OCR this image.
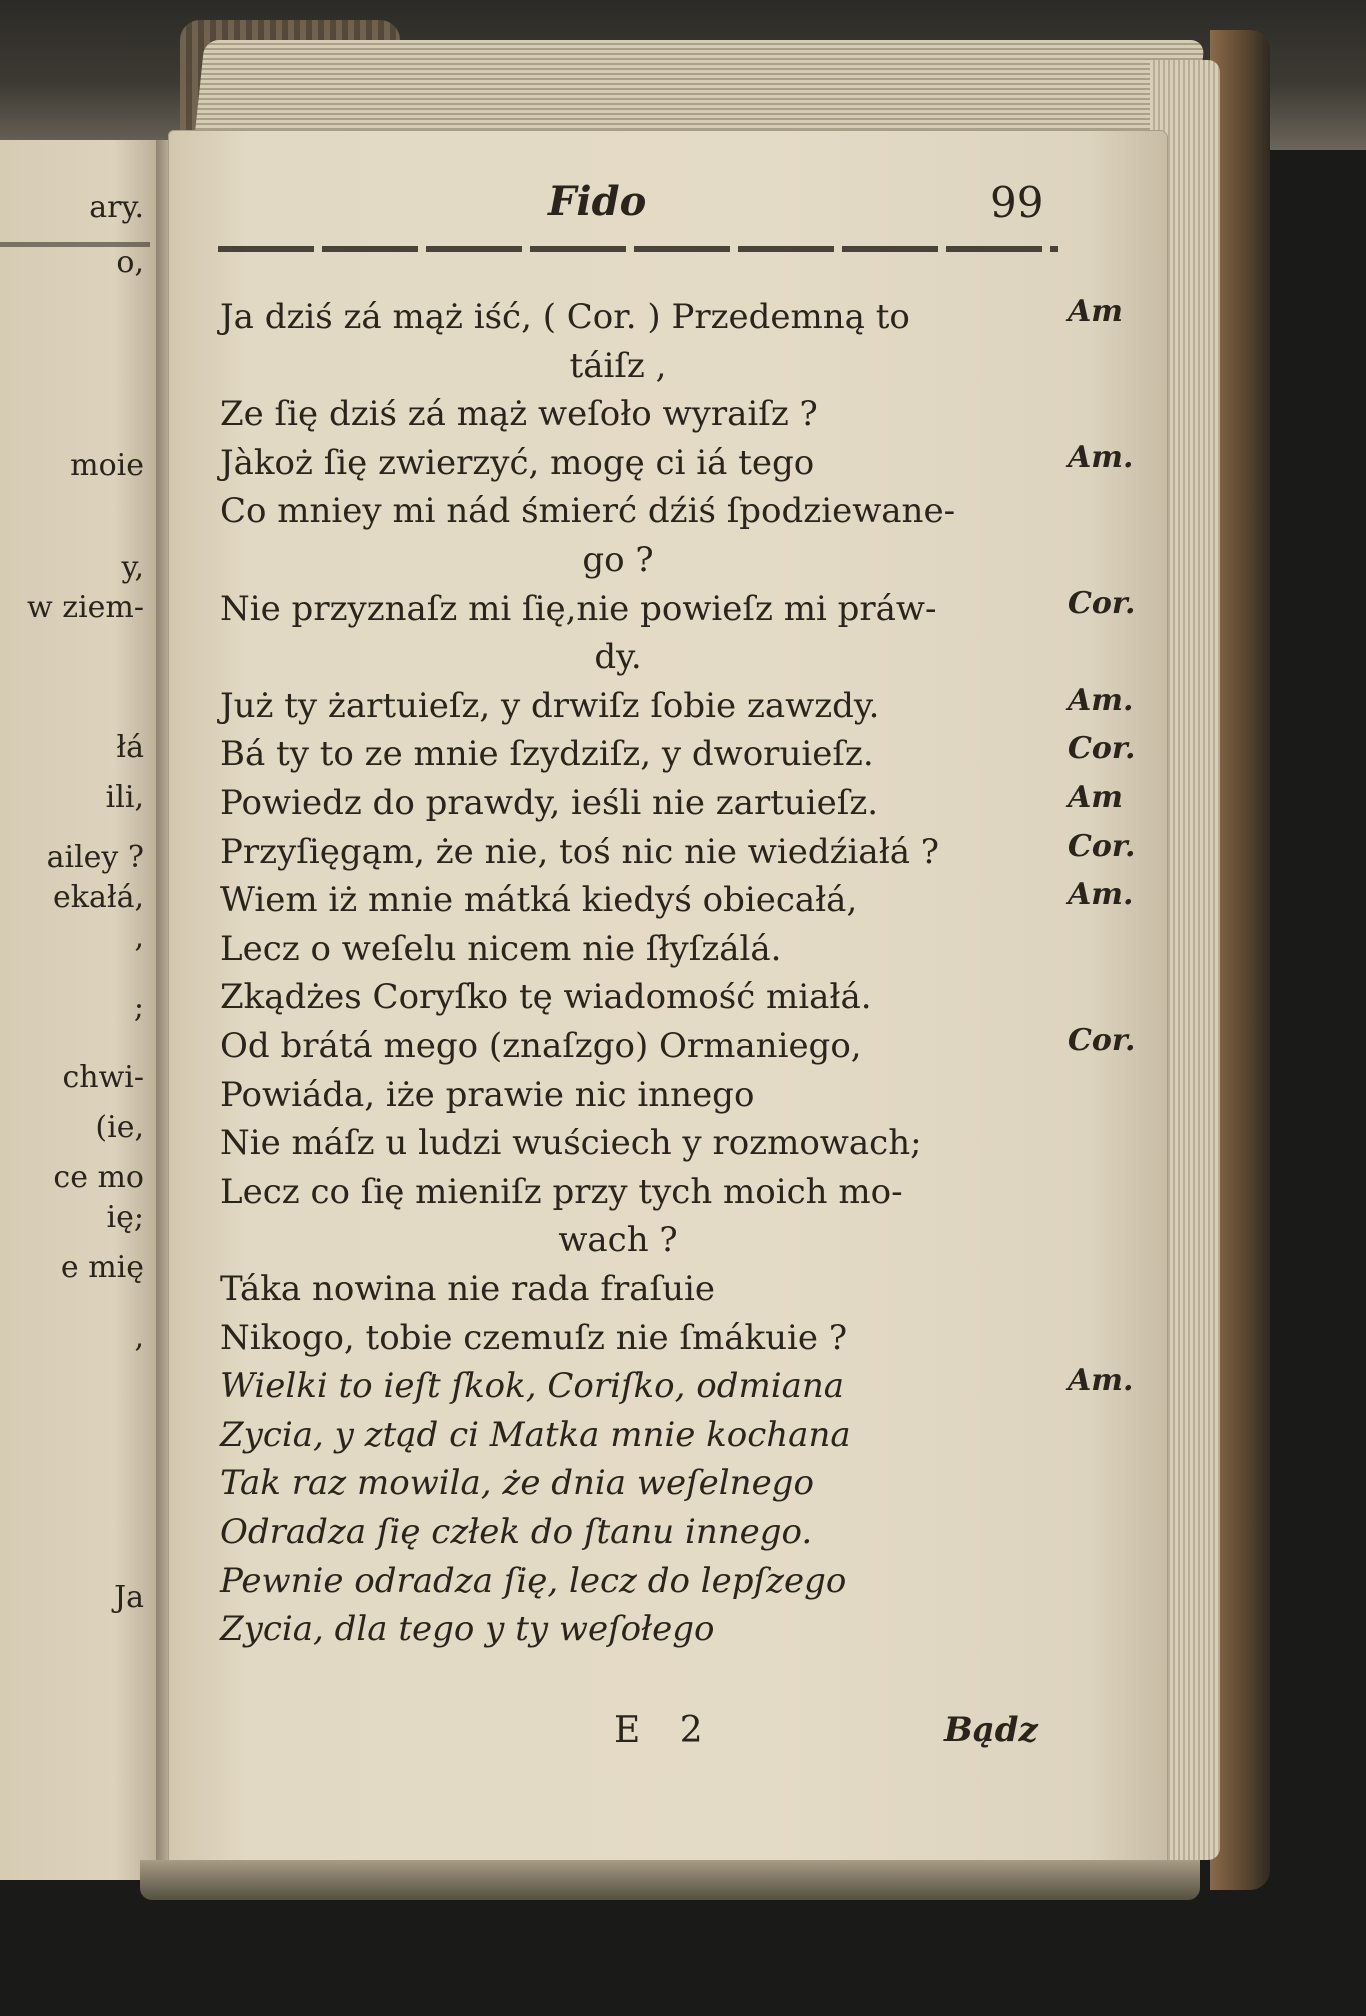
ary.
o,
moie
y,
w ziem-
łá
ili,
ailey ?
ekałá,
,
;
chwi-
(ie,
ce mo
ię;
e mię
,
Ja
Fido	99
Ja dziś zá mąż iść, ( Cor. ) Przedemną to
táiſz ,
Ze ſię dziś zá mąż weſoło wyraiſz ?
Jàkoż ſię zwierzyć, mogę ci iá tego
Co mniey mi nád śmierć dźiś ſpodziewane-
go ?
Nie przyznaſz mi ſię,nie powieſz mi práw-
dy.
Już ty żartuieſz, y drwiſz ſobie zawzdy.
Bá ty to ze mnie ſzydziſz, y dworuieſz.
Powiedz do prawdy, ieśli nie zartuieſz.
Przyſięgąm, że nie, toś nic nie wiedźiałá ?
Wiem iż mnie mátká kiedyś obiecałá,
Lecz o weſelu nicem nie ſłyſzálá.
Zkądżes Coryſko tę wiadomość miałá.
Od brátá mego (znaſzgo) Ormaniego,
Powiáda, iże prawie nic innego
Nie máſz u ludzi wuściech y rozmowach;
Lecz co ſię mieniſz przy tych moich mo-
wach ?
Táka nowina nie rada fraſuie
Nikogo, tobie czemuſz nie ſmákuie ?
Wielki to ieſt ſkok, Coriſko, odmiana
Zycia, y ztąd ci Matka mnie kochana
Tak raz mowila, że dnia weſelnego
Odradza ſię człek do ſtanu innego.
Pewnie odradza ſię, lecz do lepſzego
Zycia, dla tego y ty weſołego
Am
Am.
Cor.
Am.
Cor.
Am
Cor.
Am.
Cor.
Am.
E 2	Bądz
